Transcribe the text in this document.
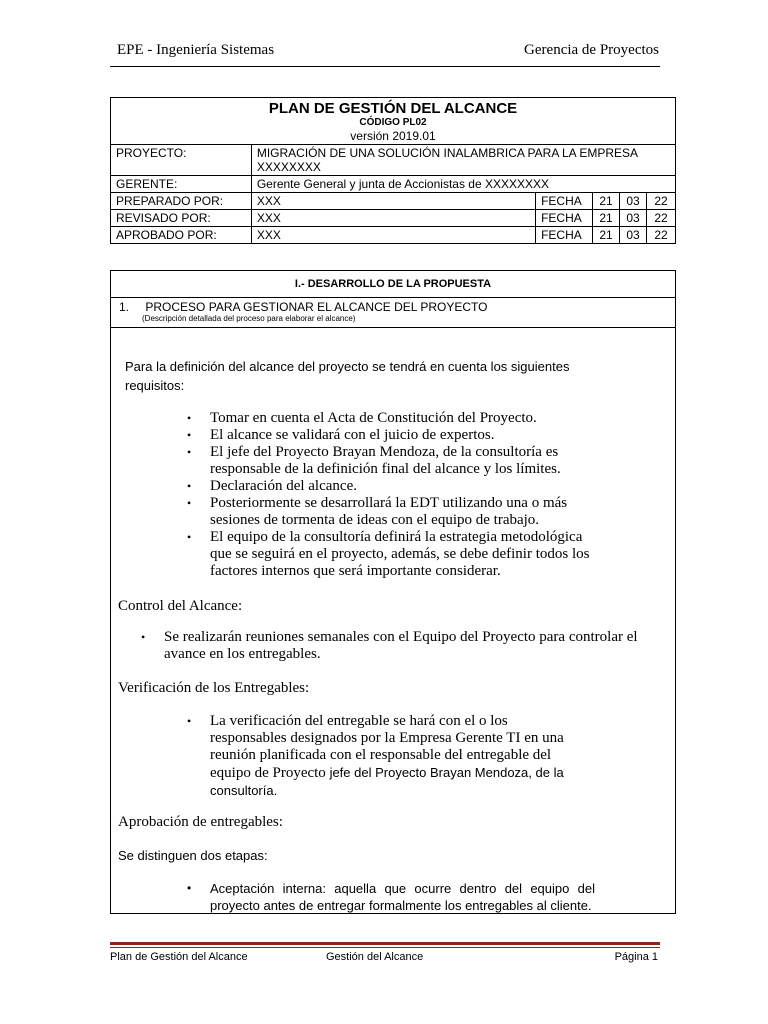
EPE - Ingeniería Sistemas	Gerencia de Proyectos
PLAN DE GESTIÓN DEL ALCANCE
CÓDIGO PL02
versión 2019.01					

PROYECTO:	MIGRACIÓN DE UNA SOLUCIÓN INALAMBRICA PARA LA EMPRESA
XXXXXXXX				

GERENTE:	Gerente General y junta de Accionistas de XXXXXXXX				
PREPARADO POR:	XXX	FECHA	21	03	22
REVISADO POR:	XXX	FECHA	21	03	22
APROBADO POR:	XXX	FECHA	21	03	22
I.- DESARROLLO DE LA PROPUESTA
1. PROCESO PARA GESTIONAR EL ALCANCE DEL PROYECTO
(Descripción detallada del proceso para elaborar el alcance)
Para la definición del alcance del proyecto se tendrá en cuenta los siguientes
requisitos:
• Tomar en cuenta el Acta de Constitución del Proyecto.
• El alcance se validará con el juicio de expertos.
• El jefe del Proyecto Brayan Mendoza, de la consultoría es
responsable de la definición final del alcance y los límites.
• Declaración del alcance.
• Posteriormente se desarrollará la EDT utilizando una o más
sesiones de tormenta de ideas con el equipo de trabajo.
• El equipo de la consultoría definirá la estrategia metodológica
que se seguirá en el proyecto, además, se debe definir todos los
factores internos que será importante considerar.
Control del Alcance:
• Se realizarán reuniones semanales con el Equipo del Proyecto para controlar el
avance en los entregables.
Verificación de los Entregables:
• La verificación del entregable se hará con el o los
responsables designados por la Empresa Gerente TI en una
reunión planificada con el responsable del entregable del
equipo de Proyecto jefe del Proyecto Brayan Mendoza, de la
consultoría.
Aprobación de entregables:
Se distinguen dos etapas:
• Aceptación interna: aquella que ocurre dentro del equipo del
proyecto antes de entregar formalmente los entregables al cliente.
Plan de Gestión del Alcance	Gestión del Alcance	Página 1
